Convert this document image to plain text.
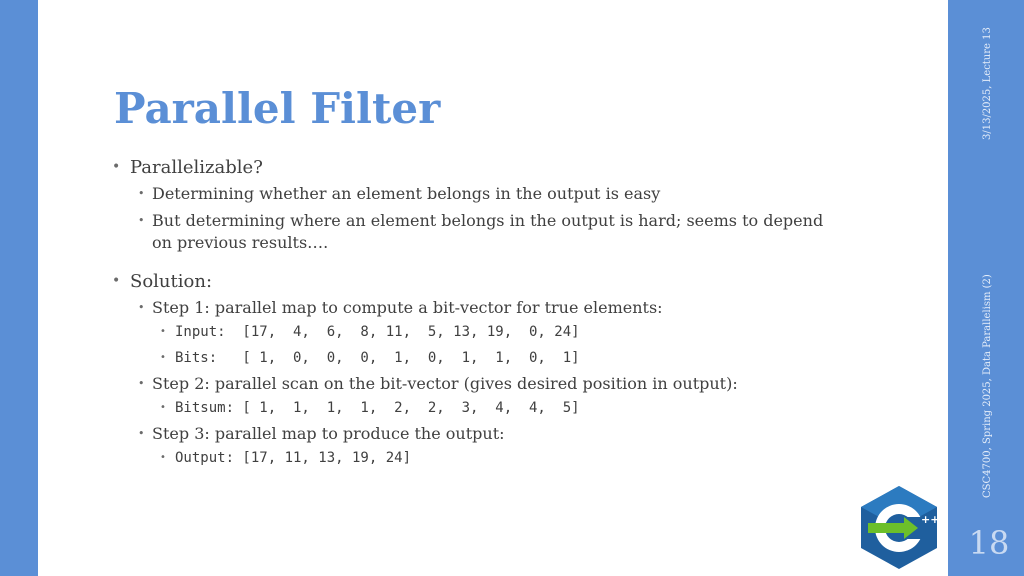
3/13/2025, Lecture 13
CSC4700, Spring 2025, Data Parallelism (2)
++
18
Parallel Filter
• Parallelizable?
• Determining whether an element belongs in the output is easy
• But determining where an element belongs in the output is hard; seems to depend on previous results….
• Solution:
• Step 1: parallel map to compute a bit-vector for true elements:
• Input:  [17,  4,  6,  8, 11,  5, 13, 19,  0, 24]
• Bits:   [ 1,  0,  0,  0,  1,  0,  1,  1,  0,  1]
• Step 2: parallel scan on the bit-vector (gives desired position in output):
• Bitsum: [ 1,  1,  1,  1,  2,  2,  3,  4,  4,  5]
• Step 3: parallel map to produce the output:
• Output: [17, 11, 13, 19, 24]
